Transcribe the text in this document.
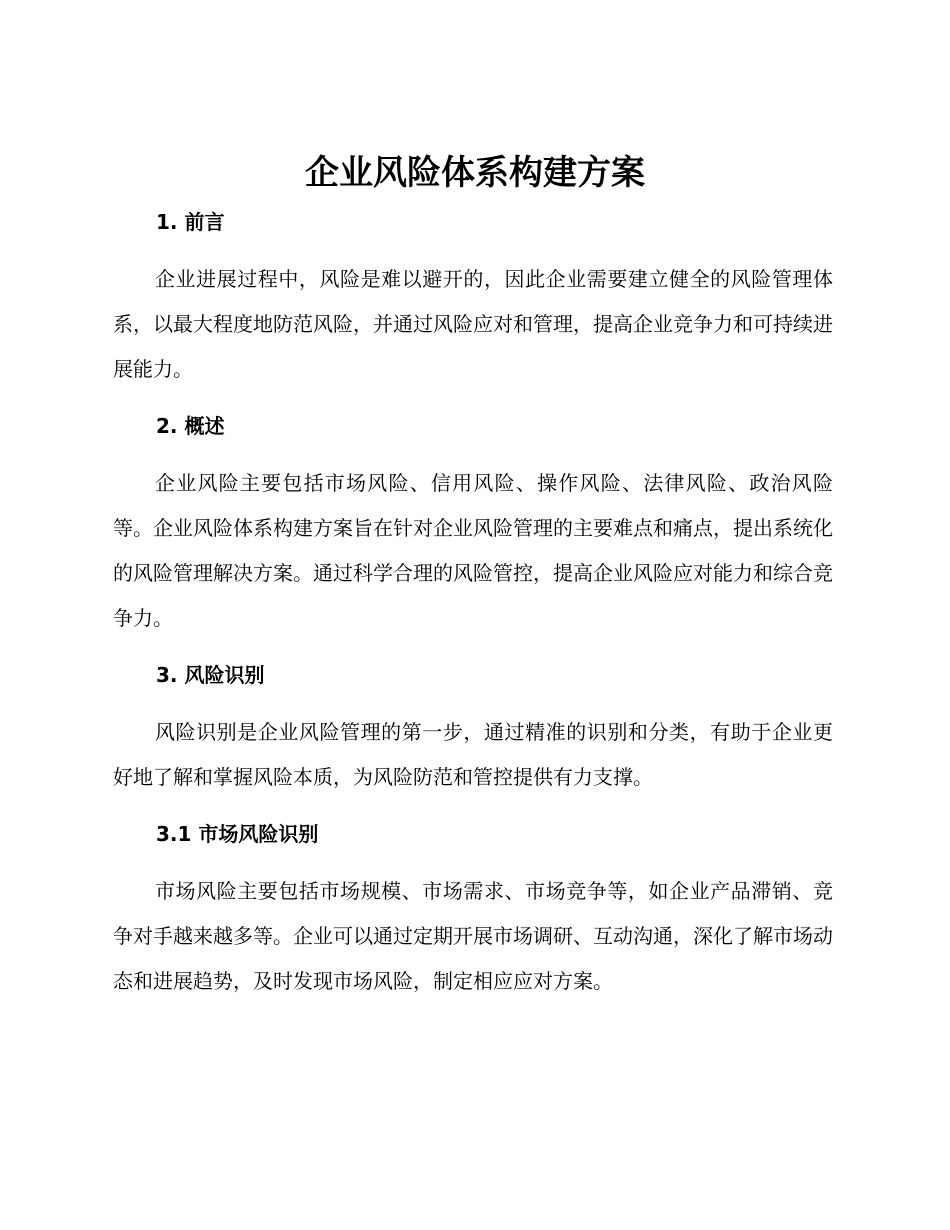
企业风险体系构建方案
1. 前言

企业进展过程中，风险是难以避开的，因此企业需要建立健全的风险管理体系，以最大程度地防范风险，并通过风险应对和管理，提高企业竞争力和可持续进展能力。

2. 概述

企业风险主要包括市场风险、信用风险、操作风险、法律风险、政治风险等。企业风险体系构建方案旨在针对企业风险管理的主要难点和痛点，提出系统化的风险管理解决方案。通过科学合理的风险管控，提高企业风险应对能力和综合竞争力。

3. 风险识别

风险识别是企业风险管理的第一步，通过精准的识别和分类，有助于企业更好地了解和掌握风险本质，为风险防范和管控提供有力支撑。

3.1 市场风险识别

市场风险主要包括市场规模、市场需求、市场竞争等，如企业产品滞销、竞争对手越来越多等。企业可以通过定期开展市场调研、互动沟通，深化了解市场动态和进展趋势，及时发现市场风险，制定相应应对方案。
